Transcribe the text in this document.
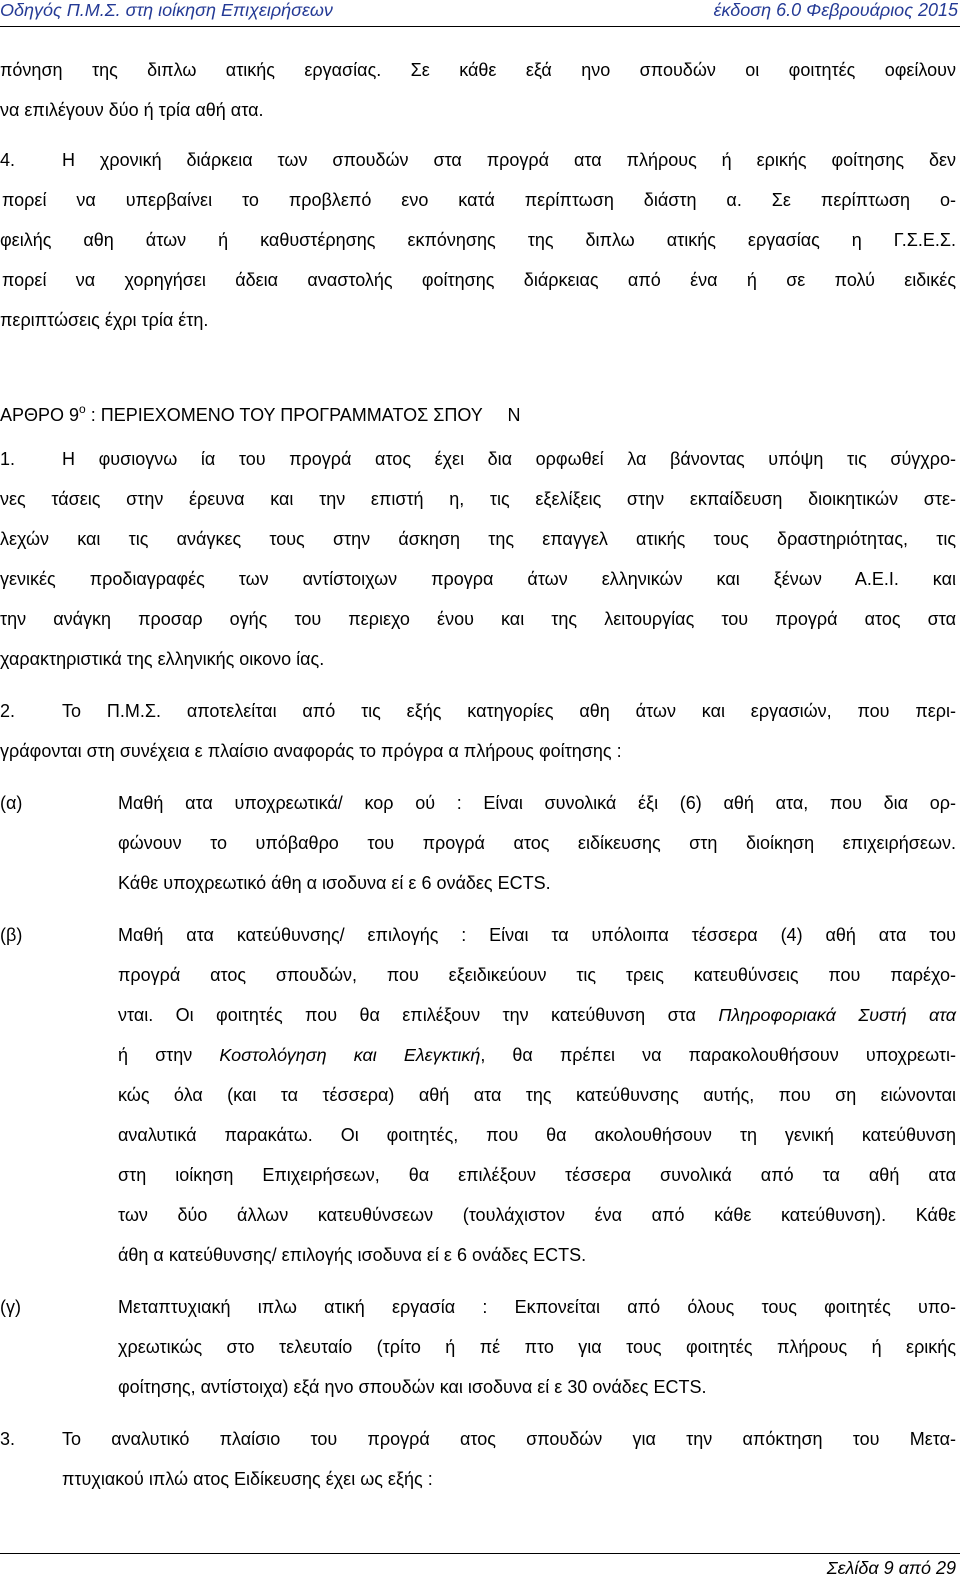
Οδηγός Π.Μ.Σ. στη ιοίκηση Επιχειρήσεων	έκδοση 6.0 Φεβρουάριος 2015
πόνηση της διπλω ατικής εργασίας. Σε κάθε εξά ηνο σπουδών οι φοιτητές οφείλουν
να επιλέγουν δύο ή τρία αθή ατα.
4.	Η χρονική διάρκεια των σπουδών στα προγρά ατα πλήρους ή ερικής φοίτησης δεν
πορεί να υπερβαίνει το προβλεπό ενο κατά περίπτωση διάστη α. Σε περίπτωση ο-
φειλής αθη άτων ή καθυστέρησης εκπόνησης της διπλω ατικής εργασίας η Γ.Σ.Ε.Σ.
πορεί να χορηγήσει άδεια αναστολής φοίτησης διάρκειας από ένα ή σε πολύ ειδικές
περιπτώσεις έχρι τρία έτη.
ΑΡΘΡΟ $9^o$ : ΠΕΡΙΕΧΟΜΕΝΟ ΤΟΥ ΠΡΟΓΡΑΜΜΑΤΟΣ ΣΠΟΥ     Ν
1.	Η φυσιογνω ία του προγρά ατος έχει δια ορφωθεί λα βάνοντας υπόψη τις σύγχρο-
νες τάσεις στην έρευνα και την επιστή η, τις εξελίξεις στην εκπαίδευση διοικητικών στε-
λεχών και τις ανάγκες τους στην άσκηση της επαγγελ ατικής τους δραστηριότητας, τις
γενικές προδιαγραφές των αντίστοιχων προγρα άτων ελληνικών και ξένων Α.Ε.Ι. και
την ανάγκη προσαρ ογής του περιεχο ένου και της λειτουργίας του προγρά ατος στα
χαρακτηριστικά της ελληνικής οικονο ίας.
2.	Το Π.Μ.Σ. αποτελείται από τις εξής κατηγορίες αθη άτων και εργασιών, που περι-
γράφονται στη συνέχεια ε πλαίσιο αναφοράς το πρόγρα α πλήρους φοίτησης :
(α)	Μαθή ατα υποχρεωτικά/ κορ ού : Είναι συνολικά έξι (6) αθή ατα, που δια ορ-
φώνουν το υπόβαθρο του προγρά ατος ειδίκευσης στη διοίκηση επιχειρήσεων.
Κάθε υποχρεωτικό άθη α ισοδυνα εί ε 6 ονάδες ECTS.
(β)	Μαθή ατα κατεύθυνσης/ επιλογής : Είναι τα υπόλοιπα τέσσερα (4) αθή ατα του
προγρά ατος σπουδών, που εξειδικεύουν τις τρεις κατευθύνσεις που παρέχο-
νται. Οι φοιτητές που θα επιλέξουν την κατεύθυνση στα Πληροφοριακά Συστή ατα
ή στην Κοστολόγηση και Ελεγκτική, θα πρέπει να παρακολουθήσουν υποχρεωτι-
κώς όλα (και τα τέσσερα) αθή ατα της κατεύθυνσης αυτής, που ση ειώνονται
αναλυτικά παρακάτω. Οι φοιτητές, που θα ακολουθήσουν τη γενική κατεύθυνση
στη ιοίκηση Επιχειρήσεων, θα επιλέξουν τέσσερα συνολικά από τα αθή ατα
των δύο άλλων κατευθύνσεων (τουλάχιστον ένα από κάθε κατεύθυνση). Κάθε
άθη α κατεύθυνσης/ επιλογής ισοδυνα εί ε 6 ονάδες ECTS.
(γ)	Μεταπτυχιακή ιπλω ατική εργασία : Εκπονείται από όλους τους φοιτητές υπο-
χρεωτικώς στο τελευταίο (τρίτο ή πέ πτο για τους φοιτητές πλήρους ή ερικής
φοίτησης, αντίστοιχα) εξά ηνο σπουδών και ισοδυνα εί ε 30 ονάδες ECTS.
3.	Το αναλυτικό πλαίσιο του προγρά ατος σπουδών για την απόκτηση του Μετα-
πτυχιακού ιπλώ ατος Ειδίκευσης έχει ως εξής :
Σελίδα 9 από 29
